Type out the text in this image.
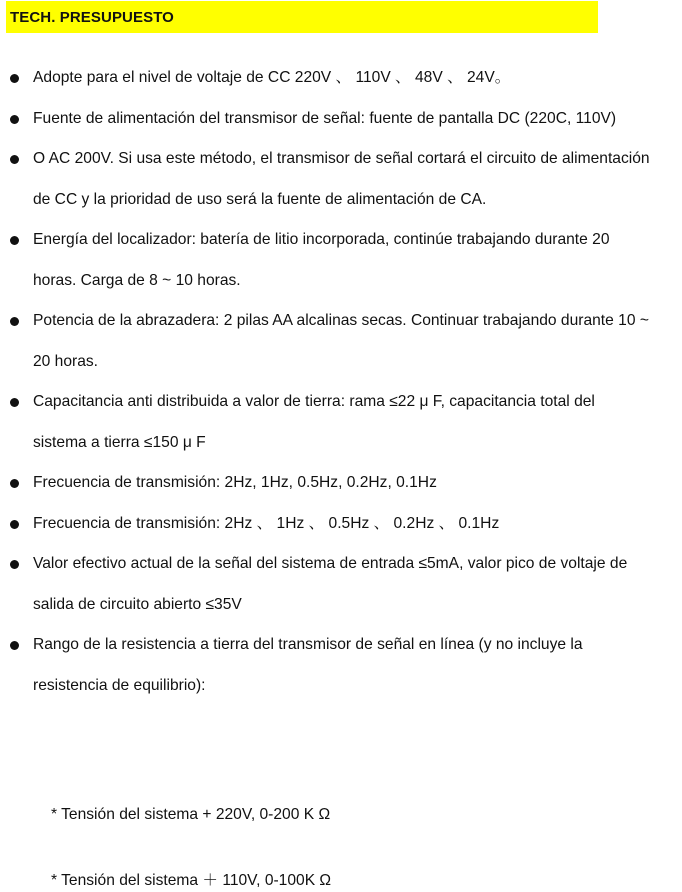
TECH. PRESUPUESTO
Adopte para el nivel de voltaje de CC 220V 、 110V 、 48V 、 24V。
Fuente de alimentación del transmisor de señal: fuente de pantalla DC (220C, 110V)
O AC 200V. Si usa este método, el transmisor de señal cortará el circuito de alimentación de CC y la prioridad de uso será la fuente de alimentación de CA.
Energía del localizador: batería de litio incorporada, continúe trabajando durante 20 horas. Carga de 8 ~ 10 horas.
Potencia de la abrazadera: 2 pilas AA alcalinas secas. Continuar trabajando durante 10 ~ 20 horas.
Capacitancia anti distribuida a valor de tierra: rama ≤22 μ F, capacitancia total del sistema a tierra ≤150 μ F
Frecuencia de transmisión: 2Hz, 1Hz, 0.5Hz, 0.2Hz, 0.1Hz
Frecuencia de transmisión: 2Hz 、 1Hz 、 0.5Hz 、 0.2Hz 、 0.1Hz
Valor efectivo actual de la señal del sistema de entrada ≤5mA, valor pico de voltaje de salida de circuito abierto ≤35V
Rango de la resistencia a tierra del transmisor de señal en línea (y no incluye la resistencia de equilibrio):
* Tensión del sistema + 220V, 0-200 K Ω
* Tensión del sistema ＋ 110V, 0-100K Ω
